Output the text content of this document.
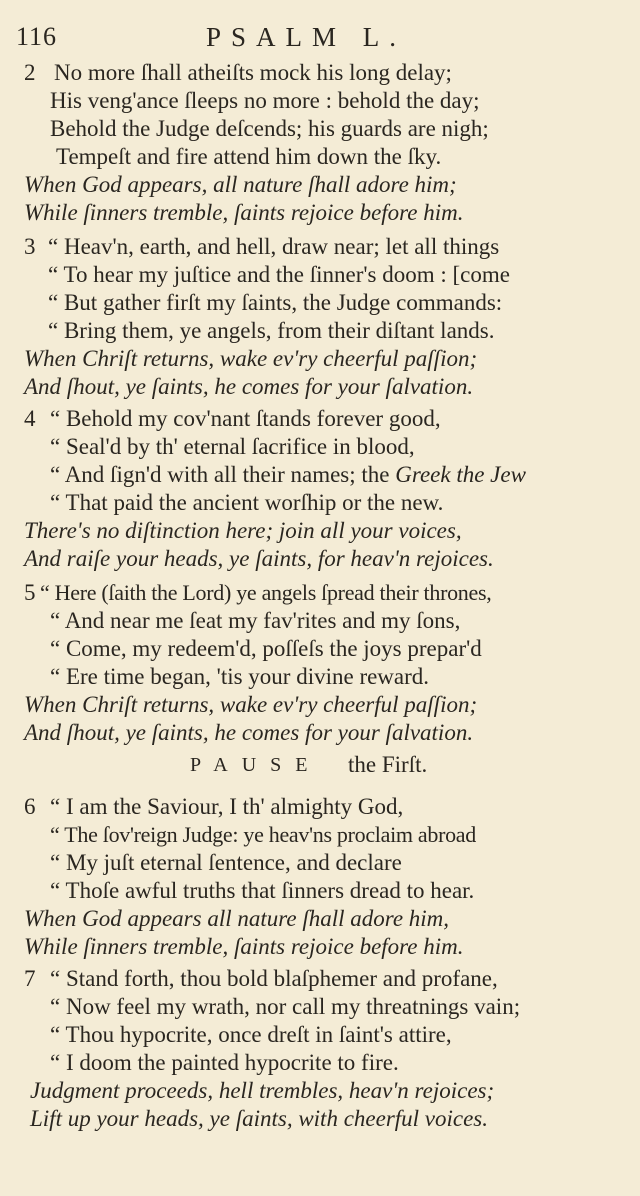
116	PSALM L.
2 No more ſhall atheiſts mock his long delay;
His veng'ance ſleeps no more : behold the day;
Behold the Judge deſcends; his guards are nigh;
Tempeſt and fire attend him down the ſky.
When God appears, all nature ſhall adore him;
While ſinners tremble, ſaints rejoice before him.
3 “ Heav'n, earth, and hell, draw near; let all things
“ To hear my juſtice and the ſinner's doom : [come
“ But gather firſt my ſaints, the Judge commands:
“ Bring them, ye angels, from their diſtant lands.
When Chriſt returns, wake ev'ry cheerful paſſion;
And ſhout, ye ſaints, he comes for your ſalvation.
4 “ Behold my cov'nant ſtands forever good,
“ Seal'd by th' eternal ſacrifice in blood,
“ And ſign'd with all their names; the Greek the Jew
“ That paid the ancient worſhip or the new.
There's no diſtinction here; join all your voices,
And raiſe your heads, ye ſaints, for heav'n rejoices.
5 “ Here (ſaith the Lord) ye angels ſpread their thrones,
“ And near me ſeat my fav'rites and my ſons,
“ Come, my redeem'd, poſſeſs the joys prepar'd
“ Ere time began, 'tis your divine reward.
When Chriſt returns, wake ev'ry cheerful paſſion;
And ſhout, ye ſaints, he comes for your ſalvation.
PAUSE the Firſt.
6 “ I am the Saviour, I th' almighty God,
“ The ſov'reign Judge: ye heav'ns proclaim abroad
“ My juſt eternal ſentence, and declare
“ Thoſe awful truths that ſinners dread to hear.
When God appears all nature ſhall adore him,
While ſinners tremble, ſaints rejoice before him.
7 “ Stand forth, thou bold blaſphemer and profane,
“ Now feel my wrath, nor call my threatnings vain;
“ Thou hypocrite, once dreſt in ſaint's attire,
“ I doom the painted hypocrite to fire.
Judgment proceeds, hell trembles, heav'n rejoices;
Lift up your heads, ye ſaints, with cheerful voices.
